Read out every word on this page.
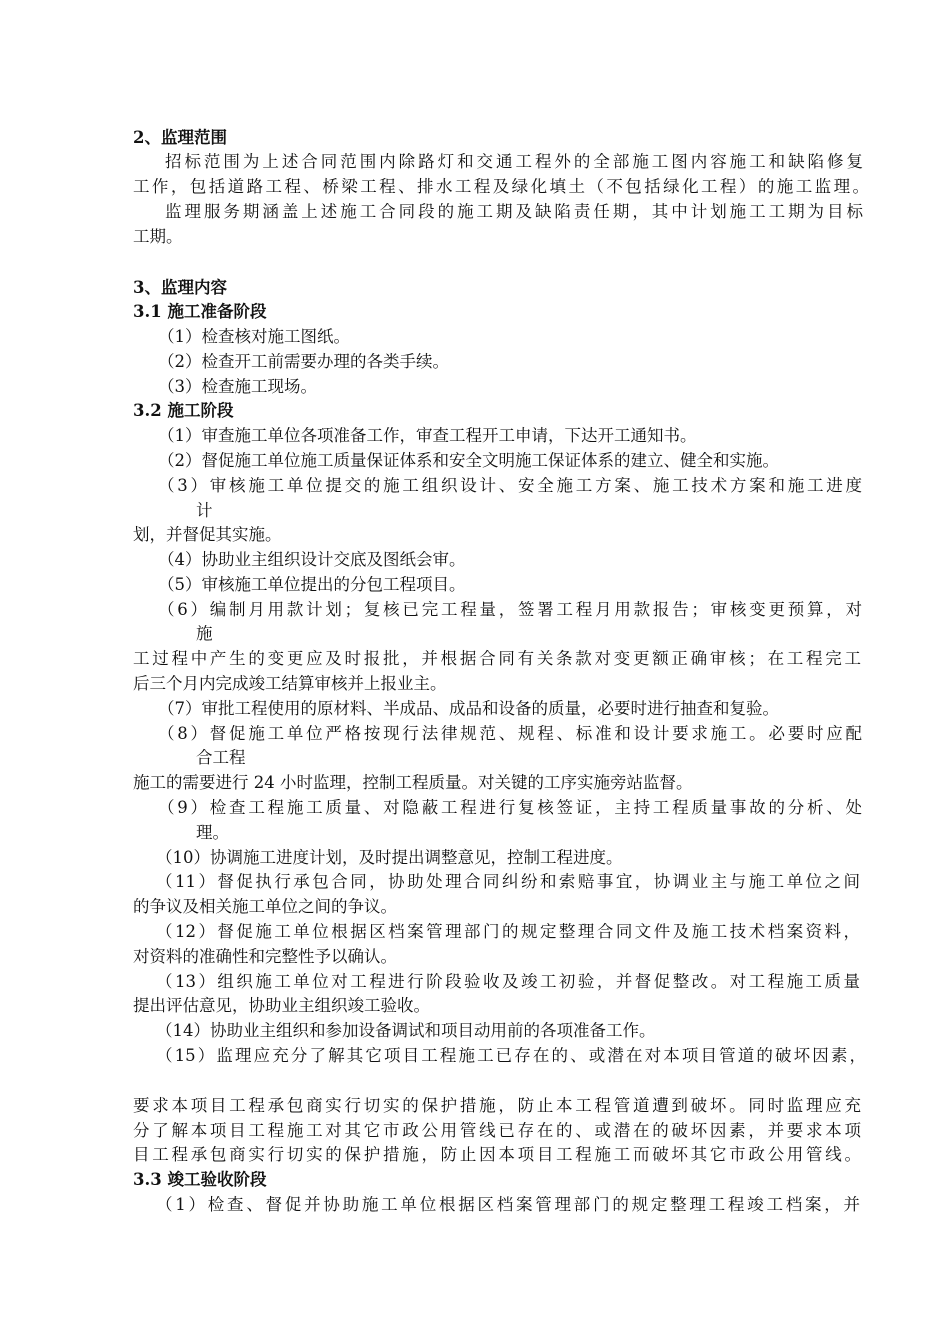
2、监理范围
招标范围为上述合同范围内除路灯和交通工程外的全部施工图内容施工和缺陷修复
工作，包括道路工程、桥梁工程、排水工程及绿化填土（不包括绿化工程）的施工监理。
监理服务期涵盖上述施工合同段的施工期及缺陷责任期，其中计划施工工期为目标
工期。
3、监理内容
3.1 施工准备阶段
（1）检查核对施工图纸。
（2）检查开工前需要办理的各类手续。
（3）检查施工现场。
3.2 施工阶段
（1）审查施工单位各项准备工作，审查工程开工申请，下达开工通知书。
（2）督促施工单位施工质量保证体系和安全文明施工保证体系的建立、健全和实施。
（3）审核施工单位提交的施工组织设计、安全施工方案、施工技术方案和施工进度
计
划，并督促其实施。
（4）协助业主组织设计交底及图纸会审。
（5）审核施工单位提出的分包工程项目。
（6）编制月用款计划；复核已完工程量，签署工程月用款报告；审核变更预算，对
施
工过程中产生的变更应及时报批，并根据合同有关条款对变更额正确审核；在工程完工
后三个月内完成竣工结算审核并上报业主。
（7）审批工程使用的原材料、半成品、成品和设备的质量，必要时进行抽查和复验。
（8）督促施工单位严格按现行法律规范、规程、标准和设计要求施工。必要时应配
合工程
施工的需要进行 24 小时监理，控制工程质量。对关键的工序实施旁站监督。
（9）检查工程施工质量、对隐蔽工程进行复核签证，主持工程质量事故的分析、处
理。
（10）协调施工进度计划，及时提出调整意见，控制工程进度。
（11）督促执行承包合同，协助处理合同纠纷和索赔事宜，协调业主与施工单位之间
的争议及相关施工单位之间的争议。
（12）督促施工单位根据区档案管理部门的规定整理合同文件及施工技术档案资料，
对资料的准确性和完整性予以确认。
（13）组织施工单位对工程进行阶段验收及竣工初验，并督促整改。对工程施工质量
提出评估意见，协助业主组织竣工验收。
（14）协助业主组织和参加设备调试和项目动用前的各项准备工作。
（15）监理应充分了解其它项目工程施工已存在的、或潜在对本项目管道的破坏因素，
要求本项目工程承包商实行切实的保护措施，防止本工程管道遭到破坏。同时监理应充
分了解本项目工程施工对其它市政公用管线已存在的、或潜在的破坏因素，并要求本项
目工程承包商实行切实的保护措施，防止因本项目工程施工而破坏其它市政公用管线。
3.3 竣工验收阶段
（1）检查、督促并协助施工单位根据区档案管理部门的规定整理工程竣工档案，并
